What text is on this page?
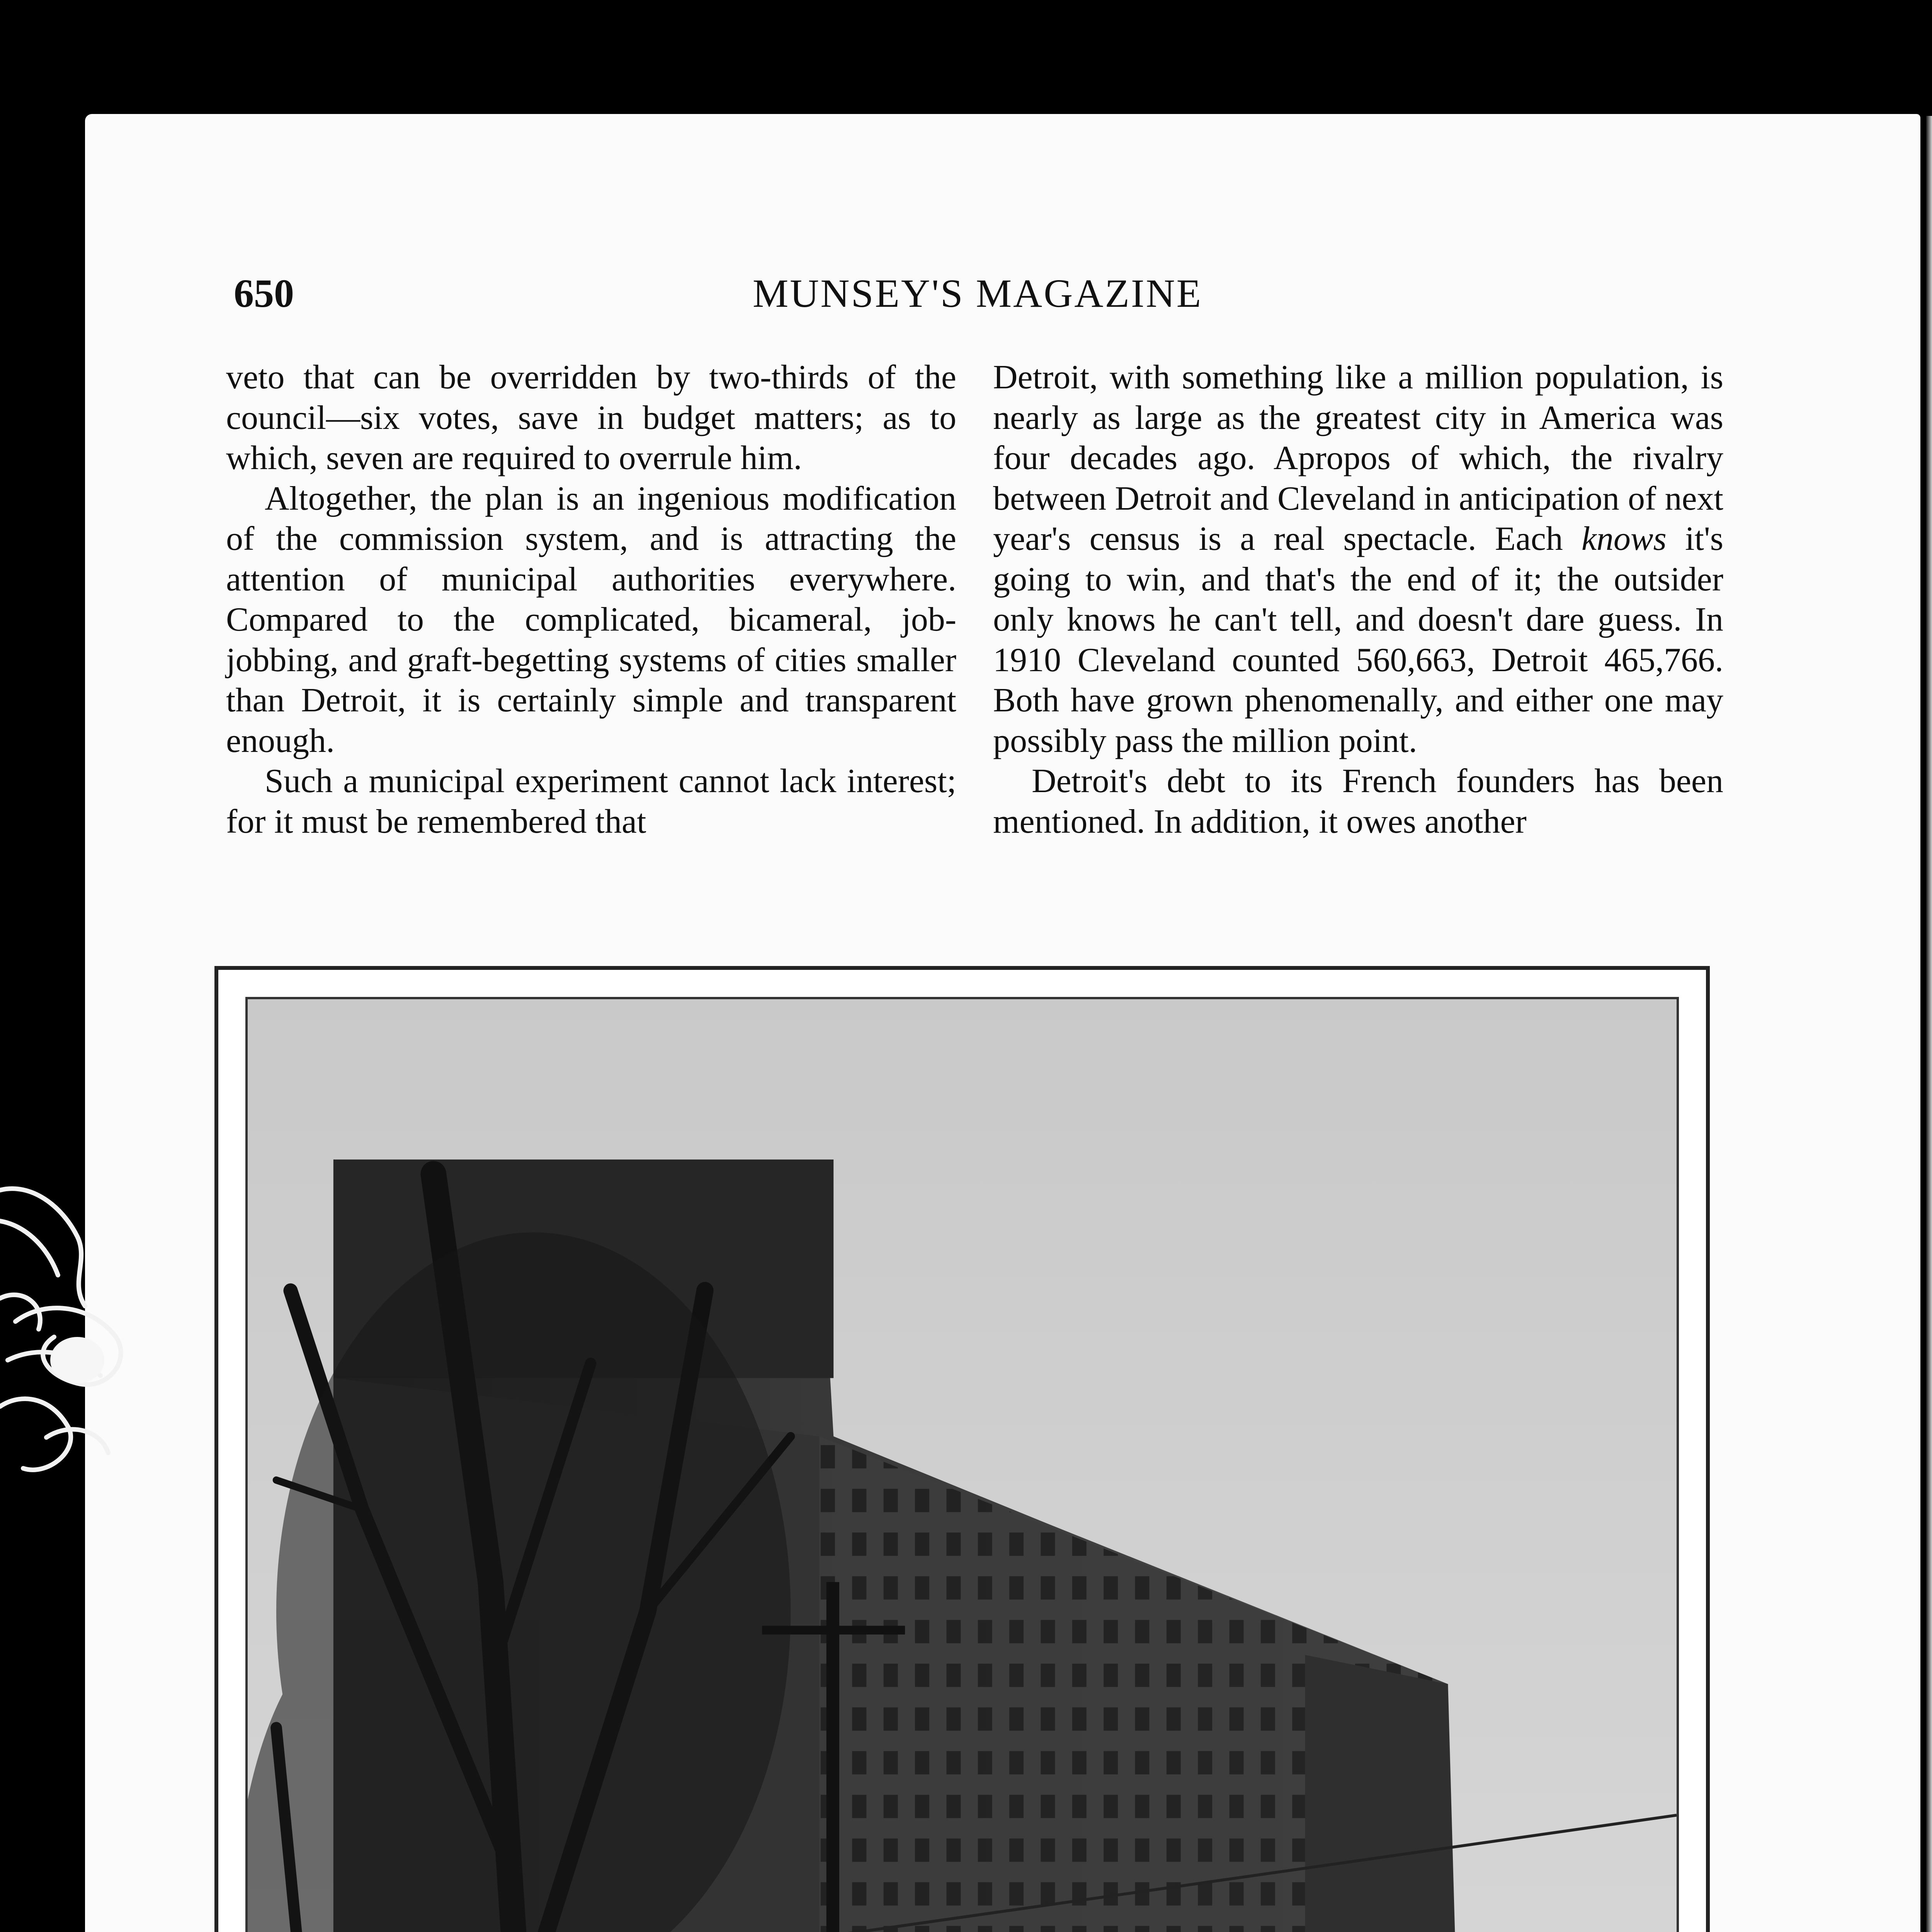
650	MUNSEY'S MAGAZINE

veto that can be overridden by two-thirds of the council—six votes, save in budget matters; as to which, seven are required to overrule him.

Altogether, the plan is an ingenious modification of the commission system, and is attracting the attention of municipal authorities everywhere. Compared to the complicated, bicameral, job-jobbing, and graft-begetting systems of cities smaller than Detroit, it is certainly simple and transparent enough.

Such a municipal experiment cannot lack interest; for it must be remembered that

Detroit, with something like a million population, is nearly as large as the greatest city in America was four decades ago. Apropos of which, the rivalry between Detroit and Cleveland in anticipation of next year's census is a real spectacle. Each knows it's going to win, and that's the end of it; the outsider only knows he can't tell, and doesn't dare guess. In 1910 Cleveland counted 560,663, Detroit 465,766. Both have grown phenomenally, and either one may possibly pass the million point.

Detroit's debt to its French founders has been mentioned. In addition, it owes another
